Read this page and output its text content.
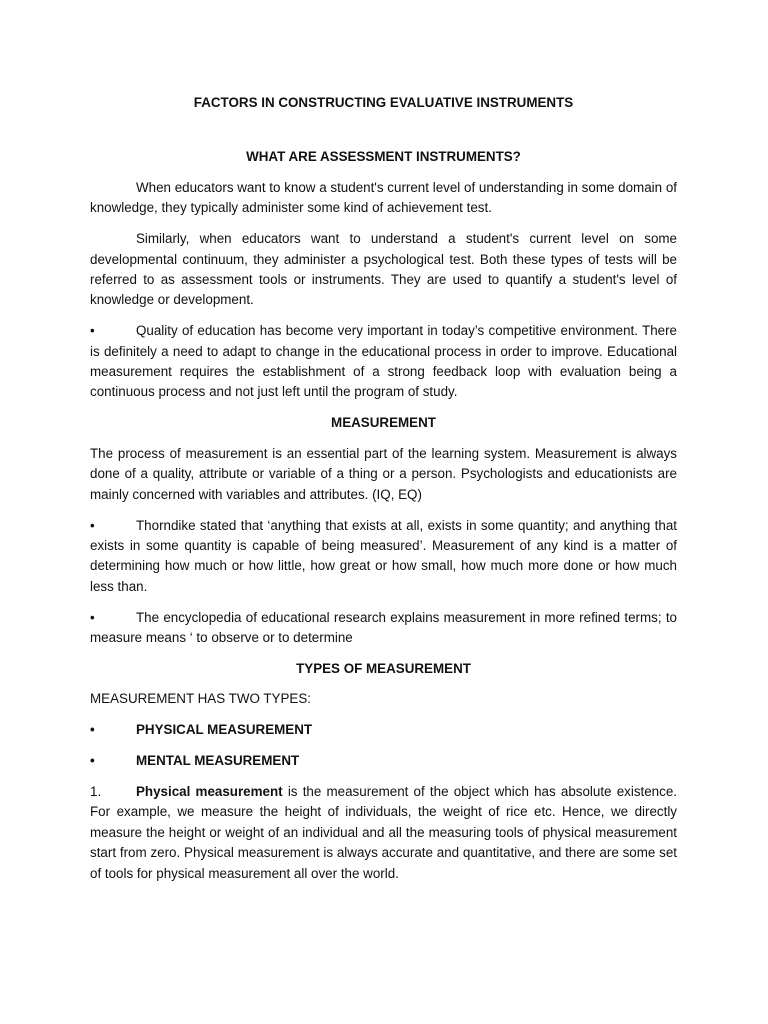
FACTORS IN CONSTRUCTING EVALUATIVE INSTRUMENTS

WHAT ARE ASSESSMENT INSTRUMENTS?

When educators want to know a student's current level of understanding in some domain of knowledge, they typically administer some kind of achievement test.

Similarly, when educators want to understand a student's current level on some developmental continuum, they administer a psychological test. Both these types of tests will be referred to as assessment tools or instruments. They are used to quantify a student's level of knowledge or development.

•	Quality of education has become very important in today’s competitive environment. There is definitely a need to adapt to change in the educational process in order to improve. Educational measurement requires the establishment of a strong feedback loop with evaluation being a continuous process and not just left until the program of study.

MEASUREMENT

The process of measurement is an essential part of the learning system. Measurement is always done of a quality, attribute or variable of a thing or a person. Psychologists and educationists are mainly concerned with variables and attributes. (IQ, EQ)

•	Thorndike stated that ‘anything that exists at all, exists in some quantity; and anything that exists in some quantity is capable of being measured’. Measurement of any kind is a matter of determining how much or how little, how great or how small, how much more done or how much less than.

•	The encyclopedia of educational research explains measurement in more refined terms; to measure means ‘ to observe or to determine

TYPES OF MEASUREMENT

MEASUREMENT HAS TWO TYPES:

•	PHYSICAL MEASUREMENT

•	MENTAL MEASUREMENT

1.	Physical measurement is the measurement of the object which has absolute existence. For example, we measure the height of individuals, the weight of rice etc. Hence, we directly measure the height or weight of an individual and all the measuring tools of physical measurement start from zero. Physical measurement is always accurate and quantitative, and there are some set of tools for physical measurement all over the world.
